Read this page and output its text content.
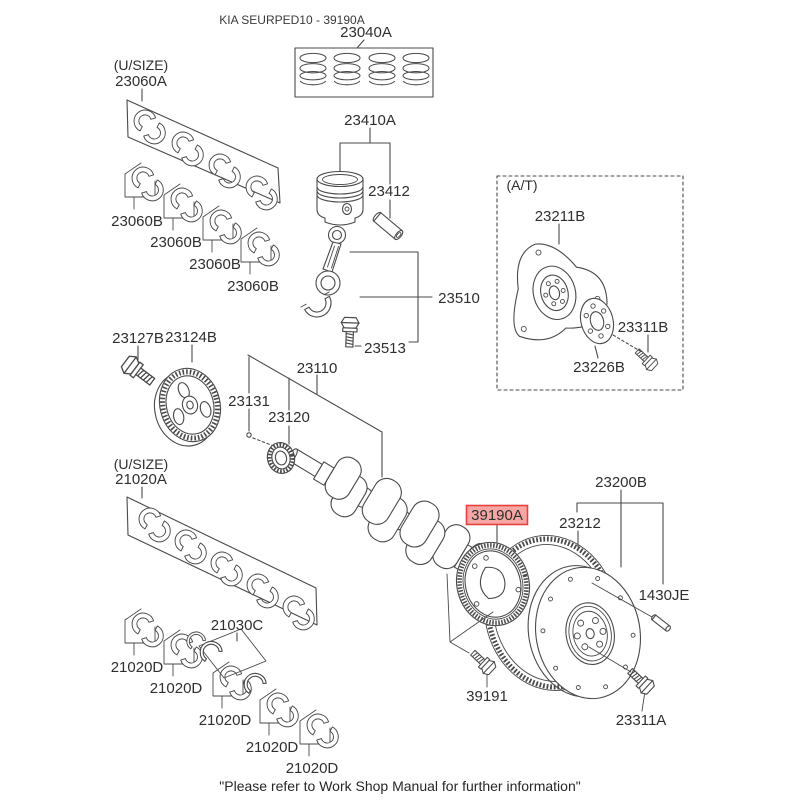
KIA SEURPED10 - 39190A
23040A
(U/SIZE)
23060A
23060B
23060B
23060B
23060B
23410A
23412
23510
23513
(A/T)
23211B
23311B
23226B
23127B 23124B
23110
23131
23120
(U/SIZE)
21020A
21020D
21020D
21020D
21020D
21020D
21030C
39190A 23212
23200B
1430JE
39191
23311A
"Please refer to Work Shop Manual for further information"
